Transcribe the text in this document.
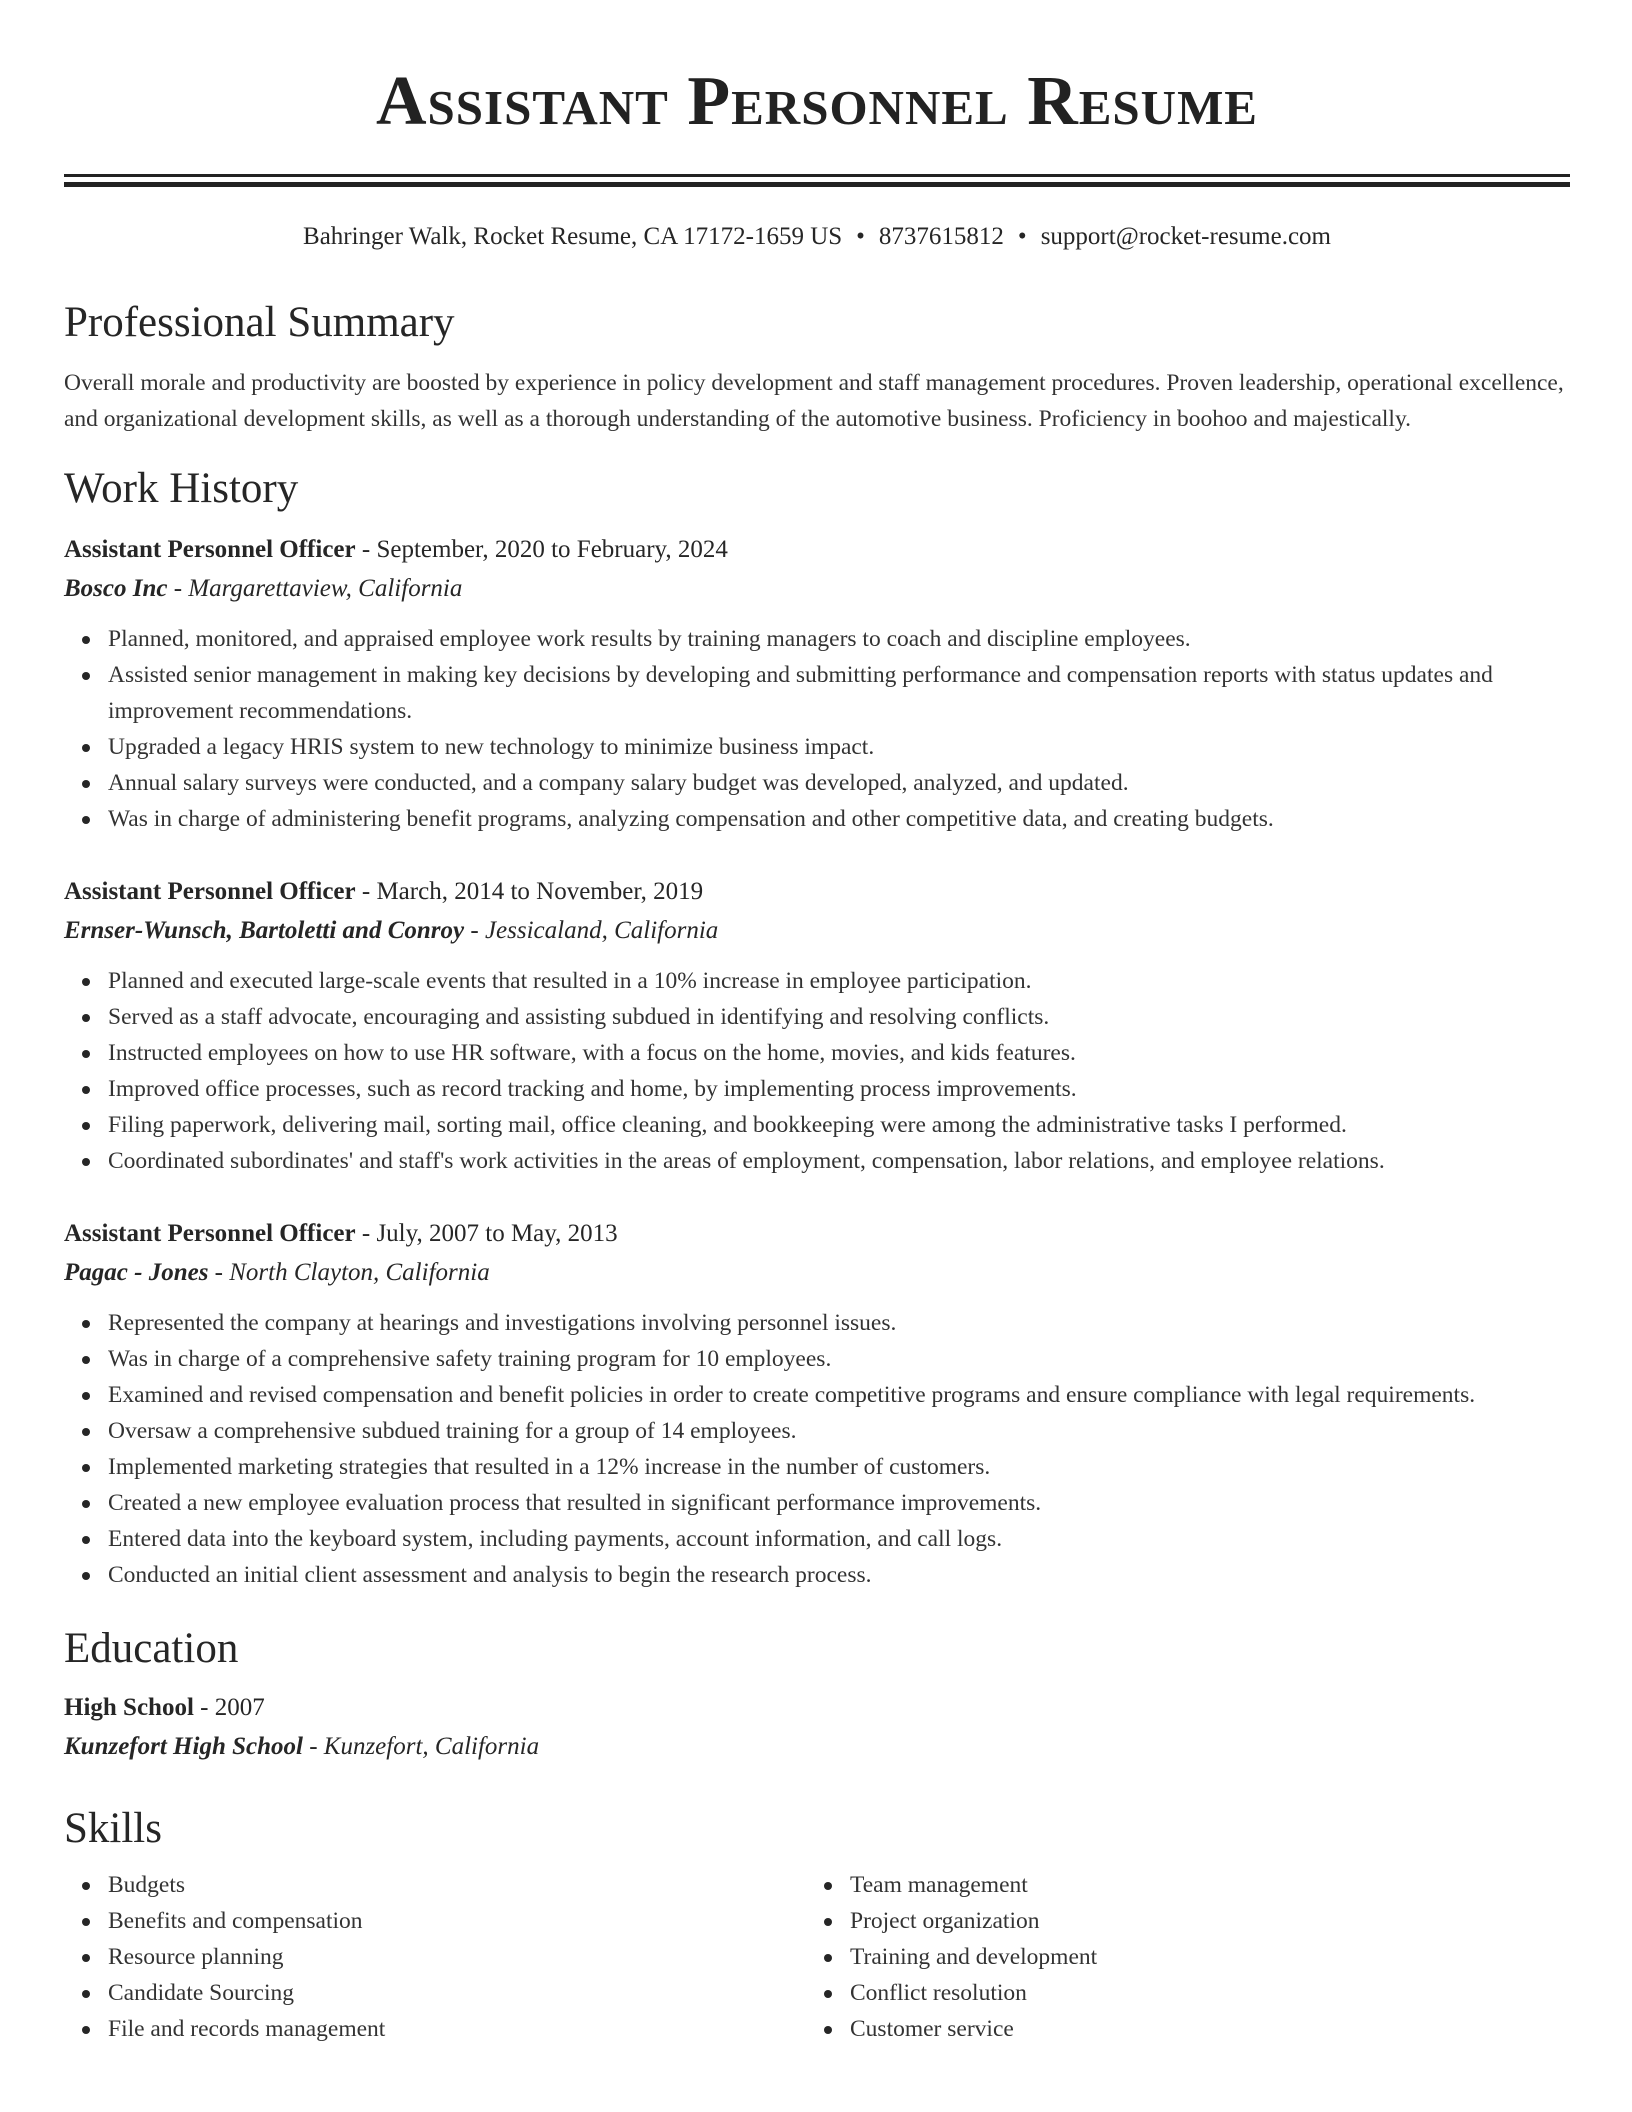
Assistant Personnel Resume
Bahringer Walk, Rocket Resume, CA 17172-1659 US • 8737615812 • support@rocket-resume.com
Professional Summary
Overall morale and productivity are boosted by experience in policy development and staff management procedures. Proven leadership, operational excellence, and organizational development skills, as well as a thorough understanding of the automotive business. Proficiency in boohoo and majestically.
Work History
Assistant Personnel Officer - September, 2020 to February, 2024
Bosco Inc - Margarettaview, California
Planned, monitored, and appraised employee work results by training managers to coach and discipline employees.
Assisted senior management in making key decisions by developing and submitting performance and compensation reports with status updates and improvement recommendations.
Upgraded a legacy HRIS system to new technology to minimize business impact.
Annual salary surveys were conducted, and a company salary budget was developed, analyzed, and updated.
Was in charge of administering benefit programs, analyzing compensation and other competitive data, and creating budgets.
Assistant Personnel Officer - March, 2014 to November, 2019
Ernser-Wunsch, Bartoletti and Conroy - Jessicaland, California
Planned and executed large-scale events that resulted in a 10% increase in employee participation.
Served as a staff advocate, encouraging and assisting subdued in identifying and resolving conflicts.
Instructed employees on how to use HR software, with a focus on the home, movies, and kids features.
Improved office processes, such as record tracking and home, by implementing process improvements.
Filing paperwork, delivering mail, sorting mail, office cleaning, and bookkeeping were among the administrative tasks I performed.
Coordinated subordinates' and staff's work activities in the areas of employment, compensation, labor relations, and employee relations.
Assistant Personnel Officer - July, 2007 to May, 2013
Pagac - Jones - North Clayton, California
Represented the company at hearings and investigations involving personnel issues.
Was in charge of a comprehensive safety training program for 10 employees.
Examined and revised compensation and benefit policies in order to create competitive programs and ensure compliance with legal requirements.
Oversaw a comprehensive subdued training for a group of 14 employees.
Implemented marketing strategies that resulted in a 12% increase in the number of customers.
Created a new employee evaluation process that resulted in significant performance improvements.
Entered data into the keyboard system, including payments, account information, and call logs.
Conducted an initial client assessment and analysis to begin the research process.
Education
High School - 2007
Kunzefort High School - Kunzefort, California
Skills
Budgets
Benefits and compensation
Resource planning
Candidate Sourcing
File and records management
Team management
Project organization
Training and development
Conflict resolution
Customer service
